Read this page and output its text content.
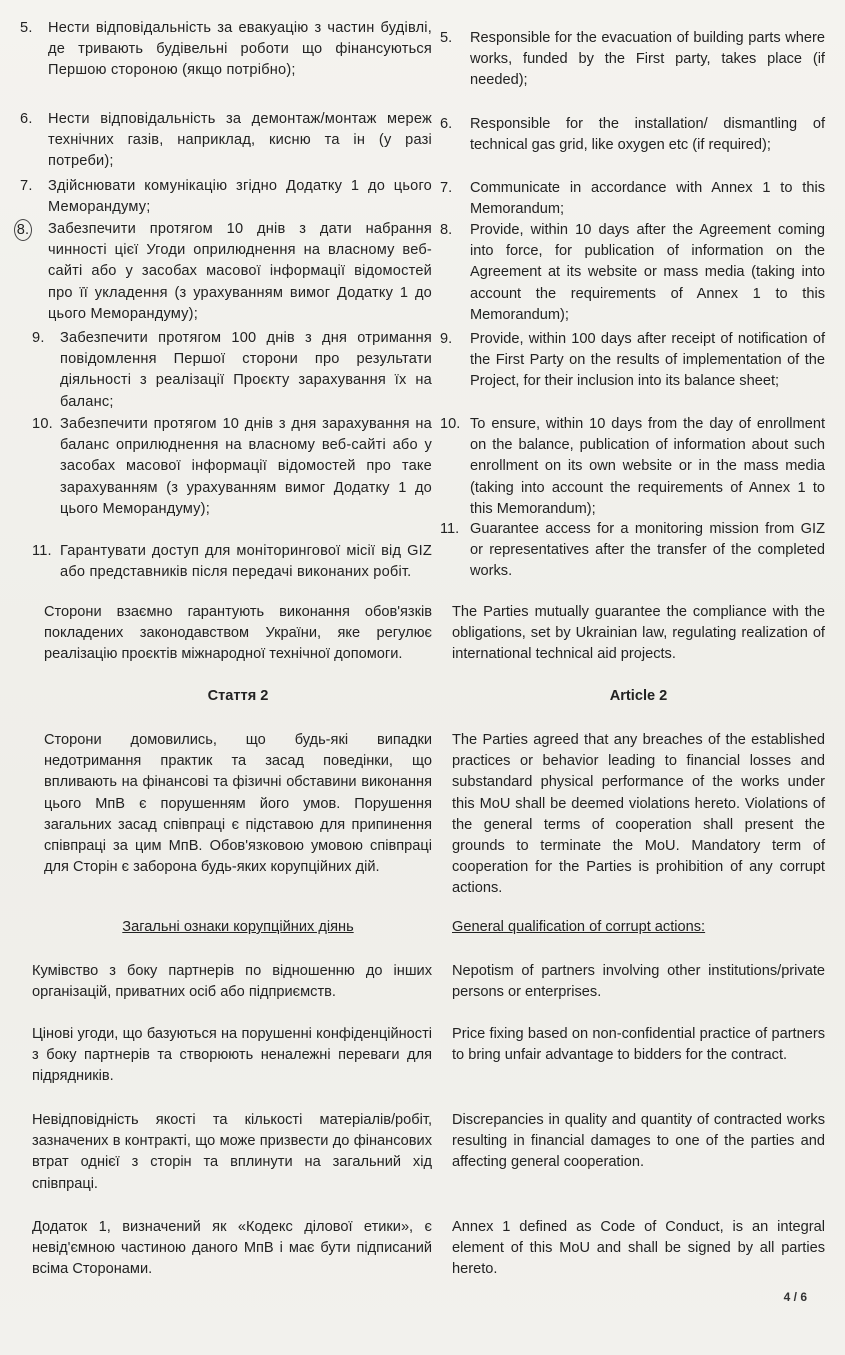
5.	Нести відповідальність за евакуацію з частин будівлі, де тривають будівельні роботи що фінансуються Першою стороною (якщо потрібно);
6.	Нести відповідальність за демонтаж/монтаж мереж технічних газів, наприклад, кисню та ін (у разі потреби);
7.	Здійснювати комунікацію згідно Додатку 1 до цього Меморандуму;
8.	Забезпечити протягом 10 днів з дати набрання чинності цієї Угоди оприлюднення на власному веб-сайті або у засобах масової інформації відомостей про її укладення (з урахуванням вимог Додатку 1 до цього Меморандуму);
9.	Забезпечити протягом 100 днів з дня отримання повідомлення Першої сторони про результати діяльності з реалізації Проєкту зарахування їх на баланс;
10. Забезпечити протягом 10 днів з дня зарахування на баланс оприлюднення на власному веб-сайті або у засобах масової інформації відомостей про таке зарахуванням (з урахуванням вимог Додатку 1 до цього Меморандуму);
11. Гарантувати доступ для моніторингової місії від GIZ або представників після передачі виконаних робіт.
Сторони взаємно гарантують виконання обов'язків покладених законодавством України, яке регулює реалізацію проєктів міжнародної технічної допомоги.
Стаття 2
Сторони домовились, що будь-які випадки недотримання практик та засад поведінки, що впливають на фінансові та фізичні обставини виконання цього МпВ є порушенням його умов. Порушення загальних засад співпраці є підставою для припинення співпраці за цим МпВ. Обов'язковою умовою співпраці для Сторін є заборона будь-яких корупційних дій.
Загальні ознаки корупційних діянь
Кумівство з боку партнерів по відношенню до інших організацій, приватних осіб або підприємств.
Цінові угоди, що базуються на порушенні конфіденційності з боку партнерів та створюють неналежні переваги для підрядників.
Невідповідність якості та кількості матеріалів/робіт, зазначених в контракті, що може призвести до фінансових втрат однієї з сторін та вплинути на загальний хід співпраці.
Додаток 1, визначений як «Кодекс ділової етики», є невід'ємною частиною даного МпВ і має бути підписаний всіма Сторонами.
5.	Responsible for the evacuation of building parts where works, funded by the First party, takes place (if needed);
6.	Responsible for the installation/ dismantling of technical gas grid, like oxygen etc (if required);
7.	Communicate in accordance with Annex 1 to this Memorandum;
8.	Provide, within 10 days after the Agreement coming into force, for publication of information on the Agreement at its website or mass media (taking into account the requirements of Annex 1 to this Memorandum);
9.	Provide, within 100 days after receipt of notification of the First Party on the results of implementation of the Project, for their inclusion into its balance sheet;
10. To ensure, within 10 days from the day of enrollment on the balance, publication of information about such enrollment on its own website or in the mass media (taking into account the requirements of Annex 1 to this Memorandum);
11. Guarantee access for a monitoring mission from GIZ or representatives after the transfer of the completed works.
The Parties mutually guarantee the compliance with the obligations, set by Ukrainian law, regulating realization of international technical aid projects.
Article 2
The Parties agreed that any breaches of the established practices or behavior leading to financial losses and substandard physical performance of the works under this MoU shall be deemed violations hereto. Violations of the general terms of cooperation shall present the grounds to terminate the MoU. Mandatory term of cooperation for the Parties is prohibition of any corrupt actions.
General qualification of corrupt actions:
Nepotism of partners involving other institutions/private persons or enterprises.
Price fixing based on non-confidential practice of partners to bring unfair advantage to bidders for the contract.
Discrepancies in quality and quantity of contracted works resulting in financial damages to one of the parties and affecting general cooperation.
Annex 1 defined as Code of Conduct, is an integral element of this MoU and shall be signed by all parties hereto.
4 / 6
